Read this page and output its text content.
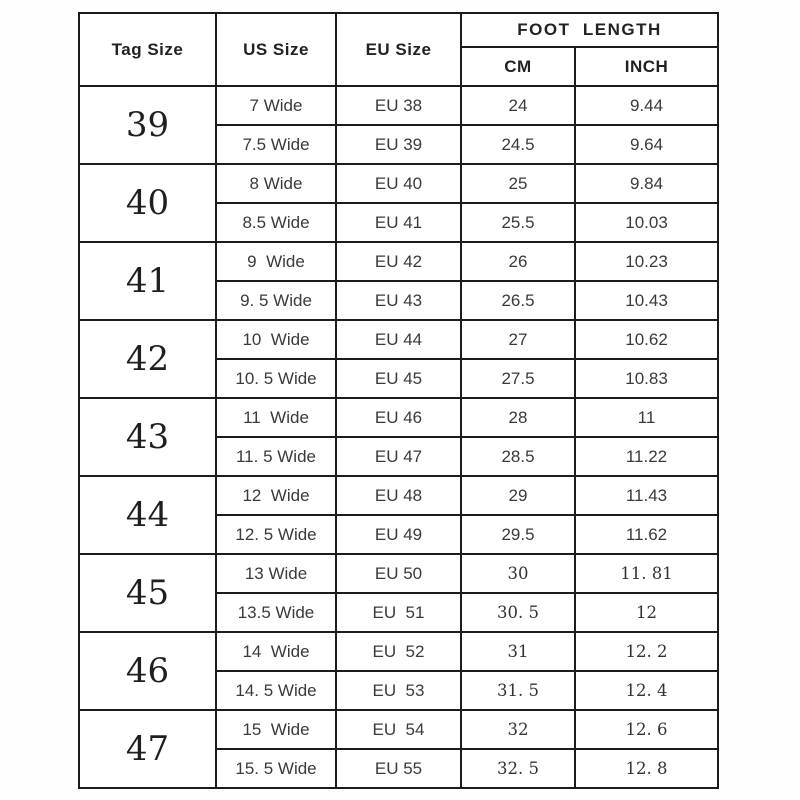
Tag Size	US Size	EU Size	FOOT  LENGTH	
			CM	INCH
39	7 Wide	EU 38	24	9.44
	7.5 Wide	EU 39	24.5	9.64
40	8 Wide	EU 40	25	9.84
	8.5 Wide	EU 41	25.5	10.03
41	9  Wide	EU 42	26	10.23
	9. 5 Wide	EU 43	26.5	10.43
42	10  Wide	EU 44	27	10.62
	10. 5 Wide	EU 45	27.5	10.83
43	11  Wide	EU 46	28	11
	11. 5 Wide	EU 47	28.5	11.22
44	12  Wide	EU 48	29	11.43
	12. 5 Wide	EU 49	29.5	11.62
45	13 Wide	EU 50	30	11. 81
	13.5 Wide	EU  51	30. 5	12
46	14  Wide	EU  52	31	12. 2
	14. 5 Wide	EU  53	31. 5	12. 4
47	15  Wide	EU  54	32	12. 6
	15. 5 Wide	EU 55	32. 5	12. 8
